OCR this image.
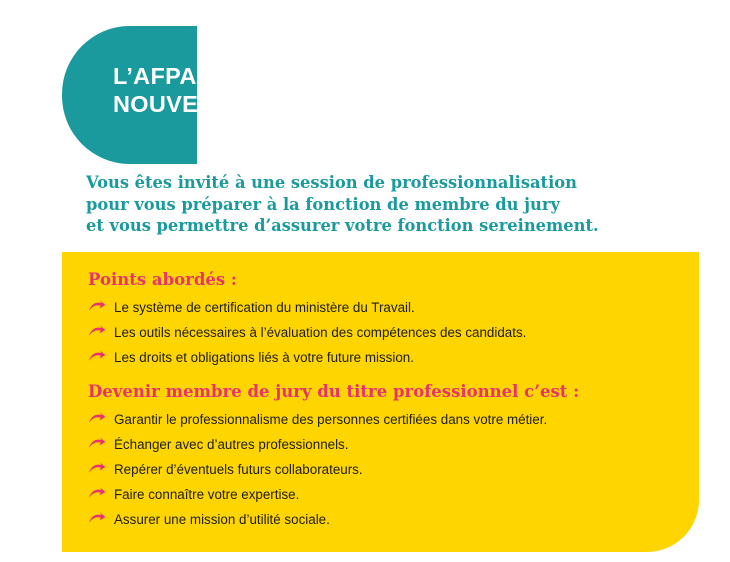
L’AFPA VOUS PRÉPARE À VOTRE
NOUVELLE MISSION
Vous êtes invité à une session de professionnalisation
pour vous préparer à la fonction de membre du jury
et vous permettre d’assurer votre fonction sereinement.
Points abordés :
Le système de certification du ministère du Travail.
Les outils nécessaires à l’évaluation des compétences des candidats.
Les droits et obligations liés à votre future mission.
Devenir membre de jury du titre professionnel c’est :
Garantir le professionnalisme des personnes certifiées dans votre métier.
Échanger avec d’autres professionnels.
Repérer d’éventuels futurs collaborateurs.
Faire connaître votre expertise.
Assurer une mission d’utilité sociale.
